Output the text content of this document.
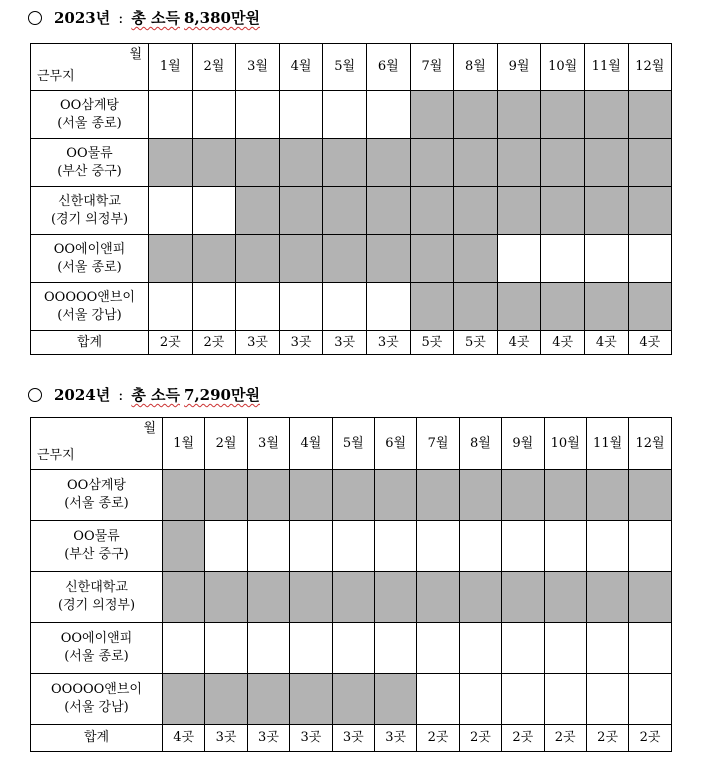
2023년 : 총 소득 8,380만원
월
근무지	1월	2월	3월	4월	5월	6월	7월	8월	9월	10월	11월	12월

OO삼계탕
(서울 종로)												

OO물류
(부산 중구)												

신한대학교
(경기 의정부)												

OO에이앤피
(서울 종로)												

OOOOO앤브이
(서울 강남)												

합계	2곳	2곳	3곳	3곳	3곳	3곳	5곳	5곳	4곳	4곳	4곳	4곳
2024년 : 총 소득 7,290만원
월
근무지	1월	2월	3월	4월	5월	6월	7월	8월	9월	10월	11월	12월

OO삼계탕
(서울 종로)												

OO물류
(부산 중구)												

신한대학교
(경기 의정부)												

OO에이앤피
(서울 종로)												

OOOOO앤브이
(서울 강남)												

합계	4곳	3곳	3곳	3곳	3곳	3곳	2곳	2곳	2곳	2곳	2곳	2곳
